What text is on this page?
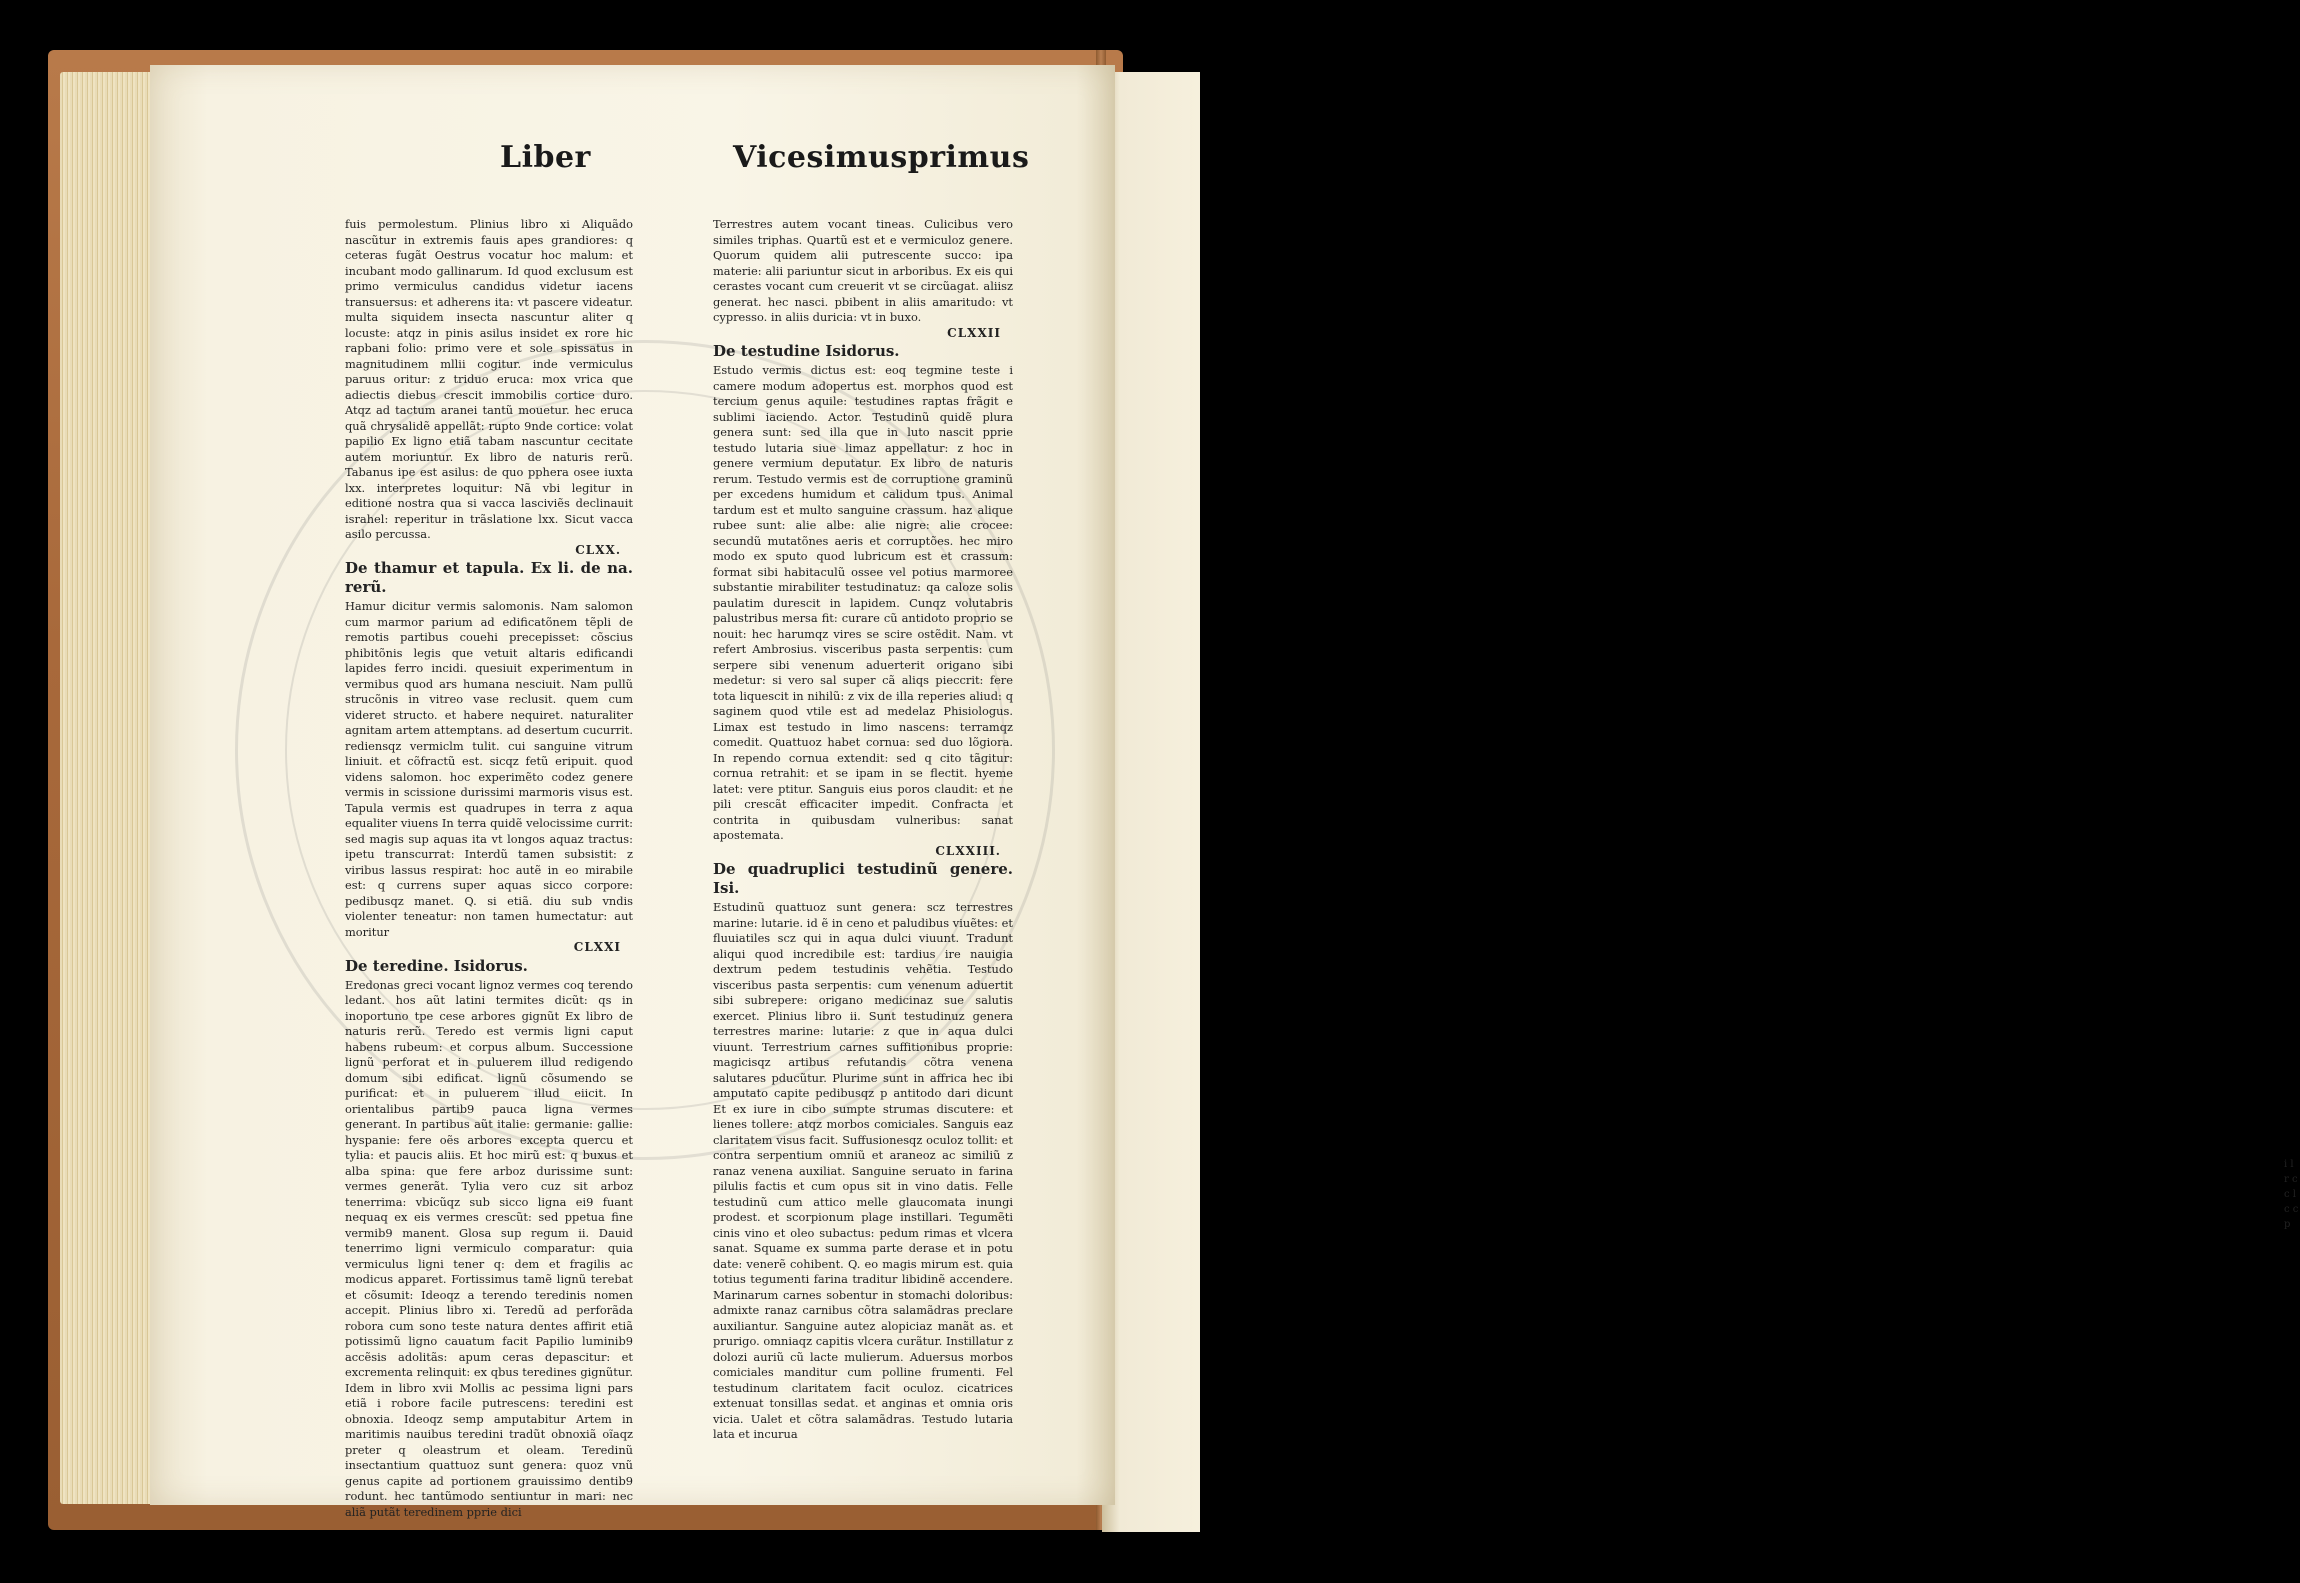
i l r c c l c c p
Liber	Vicesimusprimus

fuis permolestum. Plinius libro xi Aliquãdo nascũtur in extremis fauis apes grandiores: q ceteras fugãt Oestrus vocatur hoc malum: et incubant modo gallinarum. Id quod exclusum est primo vermiculus candidus videtur iacens transuersus: et adherens ita: vt pascere videatur. multa siquidem insecta nascuntur aliter q locuste: atqz in pinis asilus insidet ex rore hic rapbani folio: primo vere et sole spissatus in magnitudinem mllii cogitur. inde vermiculus paruus oritur: z triduo eruca: mox vrica que adiectis diebus crescit immobilis cortice duro. Atqz ad tactum aranei tantũ mouetur. hec eruca quã chrysalidẽ appellãt: rupto 9nde cortice: volat papilio Ex ligno etiã tabam nascuntur cecitate autem moriuntur. Ex libro de naturis rerũ. Tabanus ipe est asilus: de quo pphera osee iuxta lxx. interpretes loquitur: Nã vbi legitur in editione nostra qua si vacca lasciviẽs declinauit israhel: reperitur in trãslatione lxx. Sicut vacca asilo percussa.

CLXX.
De thamur et tapula. Ex li. de na. rerũ.

Hamur dicitur vermis salomonis. Nam salomon cum marmor parium ad edificatõnem tẽpli de remotis partibus couehi precepisset: cõscius phibitõnis legis que vetuit altaris edificandi lapides ferro incidi. quesiuit experimentum in vermibus quod ars humana nesciuit. Nam pullũ strucõnis in vitreo vase reclusit. quem cum videret structo. et habere nequiret. naturaliter agnitam artem attemptans. ad desertum cucurrit. rediensqz vermiclm tulit. cui sanguine vitrum liniuit. et cõfractũ est. sicqz fetũ eripuit. quod videns salomon. hoc experimẽto codez genere vermis in scissione durissimi marmoris visus est. Tapula vermis est quadrupes in terra z aqua equaliter viuens In terra quidẽ velocissime currit: sed magis sup aquas ita vt longos aquaz tractus: ipetu transcurrat: Interdũ tamen subsistit: z viribus lassus respirat: hoc autẽ in eo mirabile est: q currens super aquas sicco corpore: pedibusqz manet. Q. si etiã. diu sub vndis violenter teneatur: non tamen humectatur: aut moritur

CLXXI
De teredine. Isidorus.

Eredonas greci vocant lignoz vermes coq terendo ledant. hos aũt latini termites dicũt: qs in inoportuno tpe cese arbores gignũt Ex libro de naturis rerũ. Teredo est vermis ligni caput habens rubeum: et corpus album. Successione lignũ perforat et in puluerem illud redigendo domum sibi edificat. lignũ cõsumendo se purificat: et in puluerem illud eiicit. In orientalibus partib9 pauca ligna vermes generant. In partibus aũt italie: germanie: gallie: hyspanie: fere oẽs arbores excepta quercu et tylia: et paucis aliis. Et hoc mirũ est: q buxus et alba spina: que fere arboz durissime sunt: vermes generãt. Tylia vero cuz sit arboz tenerrima: vbicũqz sub sicco ligna ei9 fuant nequaq ex eis vermes crescũt: sed ppetua fine vermib9 manent. Glosa sup regum ii. Dauid tenerrimo ligni vermiculo comparatur: quia vermiculus ligni tener q: dem et fragilis ac modicus apparet. Fortissimus tamẽ lignũ terebat et cõsumit: Ideoqz a terendo teredinis nomen accepit. Plinius libro xi. Teredũ ad perforãda robora cum sono teste natura dentes affirit etiã potissimũ ligno cauatum facit Papilio luminib9 accẽsis adolitãs: apum ceras depascitur: et excrementa relinquit: ex qbus teredines gignũtur. Idem in libro xvii Mollis ac pessima ligni pars etiã i robore facile putrescens: teredini est obnoxia. Ideoqz semp amputabitur Artem in maritimis nauibus teredini tradũt obnoxiã oĩaqz preter q oleastrum et oleam. Teredinũ insectantium quattuoz sunt genera: quoz vnũ genus capite ad portionem grauissimo dentib9 rodunt. hec tantũmodo sentiuntur in mari: nec aliã putãt teredinem pprie dici

Terrestres autem vocant tineas. Culicibus vero similes triphas. Quartũ est et e vermiculoz genere. Quorum quidem alii putrescente succo: ipa materie: alii pariuntur sicut in arboribus. Ex eis qui cerastes vocant cum creuerit vt se circũagat. aliisz generat. hec nasci. pbibent in aliis amaritudo: vt cypresso. in aliis duricia: vt in buxo.

CLXXII
De testudine Isidorus.

Estudo vermis dictus est: eoq tegmine teste i camere modum adopertus est. morphos quod est tercium genus aquile: testudines raptas frãgit e sublimi iaciendo. Actor. Testudinũ quidẽ plura genera sunt: sed illa que in luto nascit pprie testudo lutaria siue limaz appellatur: z hoc in genere vermium deputatur. Ex libro de naturis rerum. Testudo vermis est de corruptione graminũ per excedens humidum et calidum tpus. Animal tardum est et multo sanguine crassum. haz alique rubee sunt: alie albe: alie nigre: alie crocee: secundũ mutatõnes aeris et corruptões. hec miro modo ex sputo quod lubricum est et crassum: format sibi habitaculũ ossee vel potius marmoree substantie mirabiliter testudinatuz: qa caloze solis paulatim durescit in lapidem. Cunqz volutabris palustribus mersa fit: curare cũ antidoto proprio se nouit: hec harumqz vires se scire ostẽdit. Nam. vt refert Ambrosius. visceribus pasta serpentis: cum serpere sibi venenum aduerterit origano sibi medetur: si vero sal super cã aliqs pieccrit: fere tota liquescit in nihilũ: z vix de illa reperies aliud: q saginem quod vtile est ad medelaz Phisiologus. Limax est testudo in limo nascens: terramqz comedit. Quattuoz habet cornua: sed duo lõgiora. In rependo cornua extendit: sed q cito tãgitur: cornua retrahit: et se ipam in se flectit. hyeme latet: vere ptitur. Sanguis eius poros claudit: et ne pili crescãt efficaciter impedit. Confracta et contrita in quibusdam vulneribus: sanat apostemata.

CLXXIII.
De quadruplici testudinũ genere. Isi.

Estudinũ quattuoz sunt genera: scz terrestres marine: lutarie. id ẽ in ceno et paludibus viuẽtes: et fluuiatiles scz qui in aqua dulci viuunt. Tradunt aliqui quod incredibile est: tardius ire nauigia dextrum pedem testudinis vehẽtia. Testudo visceribus pasta serpentis: cum venenum aduertit sibi subrepere: origano medicinaz sue salutis exercet. Plinius libro ii. Sunt testudinuz genera terrestres marine: lutarie: z que in aqua dulci viuunt. Terrestrium carnes suffitionibus proprie: magicisqz artibus refutandis cõtra venena salutares pducũtur. Plurime sunt in affrica hec ibi amputato capite pedibusqz p antitodo dari dicunt Et ex iure in cibo sumpte strumas discutere: et lienes tollere: atqz morbos comiciales. Sanguis eaz claritatem visus facit. Suffusionesqz oculoz tollit: et contra serpentium omniũ et araneoz ac similiũ z ranaz venena auxiliat. Sanguine seruato in farina pilulis factis et cum opus sit in vino datis. Felle testudinũ cum attico melle glaucomata inungi prodest. et scorpionum plage instillari. Tegumẽti cinis vino et oleo subactus: pedum rimas et vlcera sanat. Squame ex summa parte derase et in potu date: venerẽ cohibent. Q. eo magis mirum est. quia totius tegumenti farina traditur libidinẽ accendere. Marinarum carnes sobentur in stomachi doloribus: admixte ranaz carnibus cõtra salamãdras preclare auxiliantur. Sanguine autez alopiciaz manãt as. et prurigo. omniaqz capitis vlcera curãtur. Instillatur z dolozi auriũ cũ lacte mulierum. Aduersus morbos comiciales manditur cum polline frumenti. Fel testudinum claritatem facit oculoz. cicatrices extenuat tonsillas sedat. et anginas et omnia oris vicia. Ualet et cõtra salamãdras. Testudo lutaria lata et incurua
